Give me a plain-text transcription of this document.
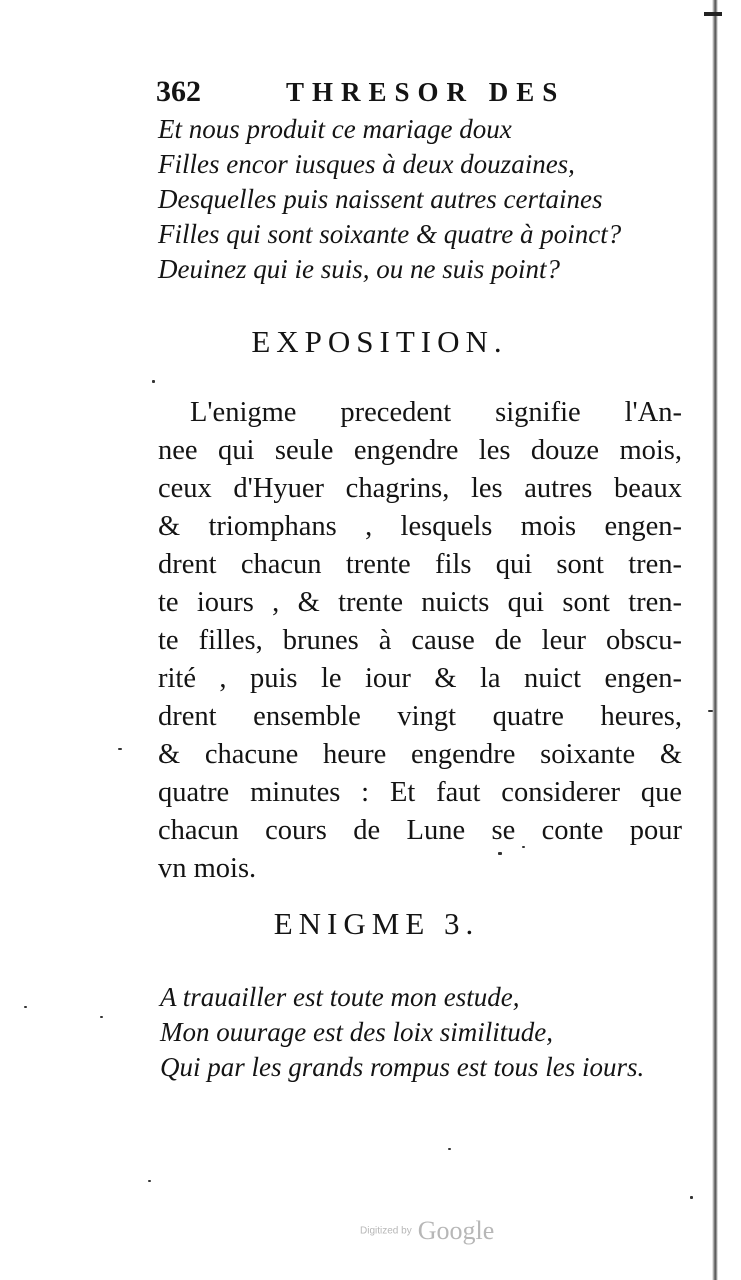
362	THRESOR DES
Et nous produit ce mariage doux
Filles encor iusques à deux douzaines,
Desquelles puis naissent autres certaines
Filles qui sont soixante & quatre à poinct?
Deuinez qui ie suis, ou ne suis point?
EXPOSITION.
L'enigme precedent signifie l'An-
nee qui seule engendre les douze mois,
ceux d'Hyuer chagrins, les autres beaux
& triomphans , lesquels mois engen-
drent chacun trente fils qui sont tren-
te iours , & trente nuicts qui sont tren-
te filles, brunes à cause de leur obscu-
rité , puis le iour & la nuict engen-
drent ensemble vingt quatre heures,
& chacune heure engendre soixante &
quatre minutes : Et faut considerer que
chacun cours de Lune se conte pour
vn mois.
ENIGME 3.
A trauailler est toute mon estude,
Mon ouurage est des loix similitude,
Qui par les grands rompus est tous les iours.
Digitized by Google
